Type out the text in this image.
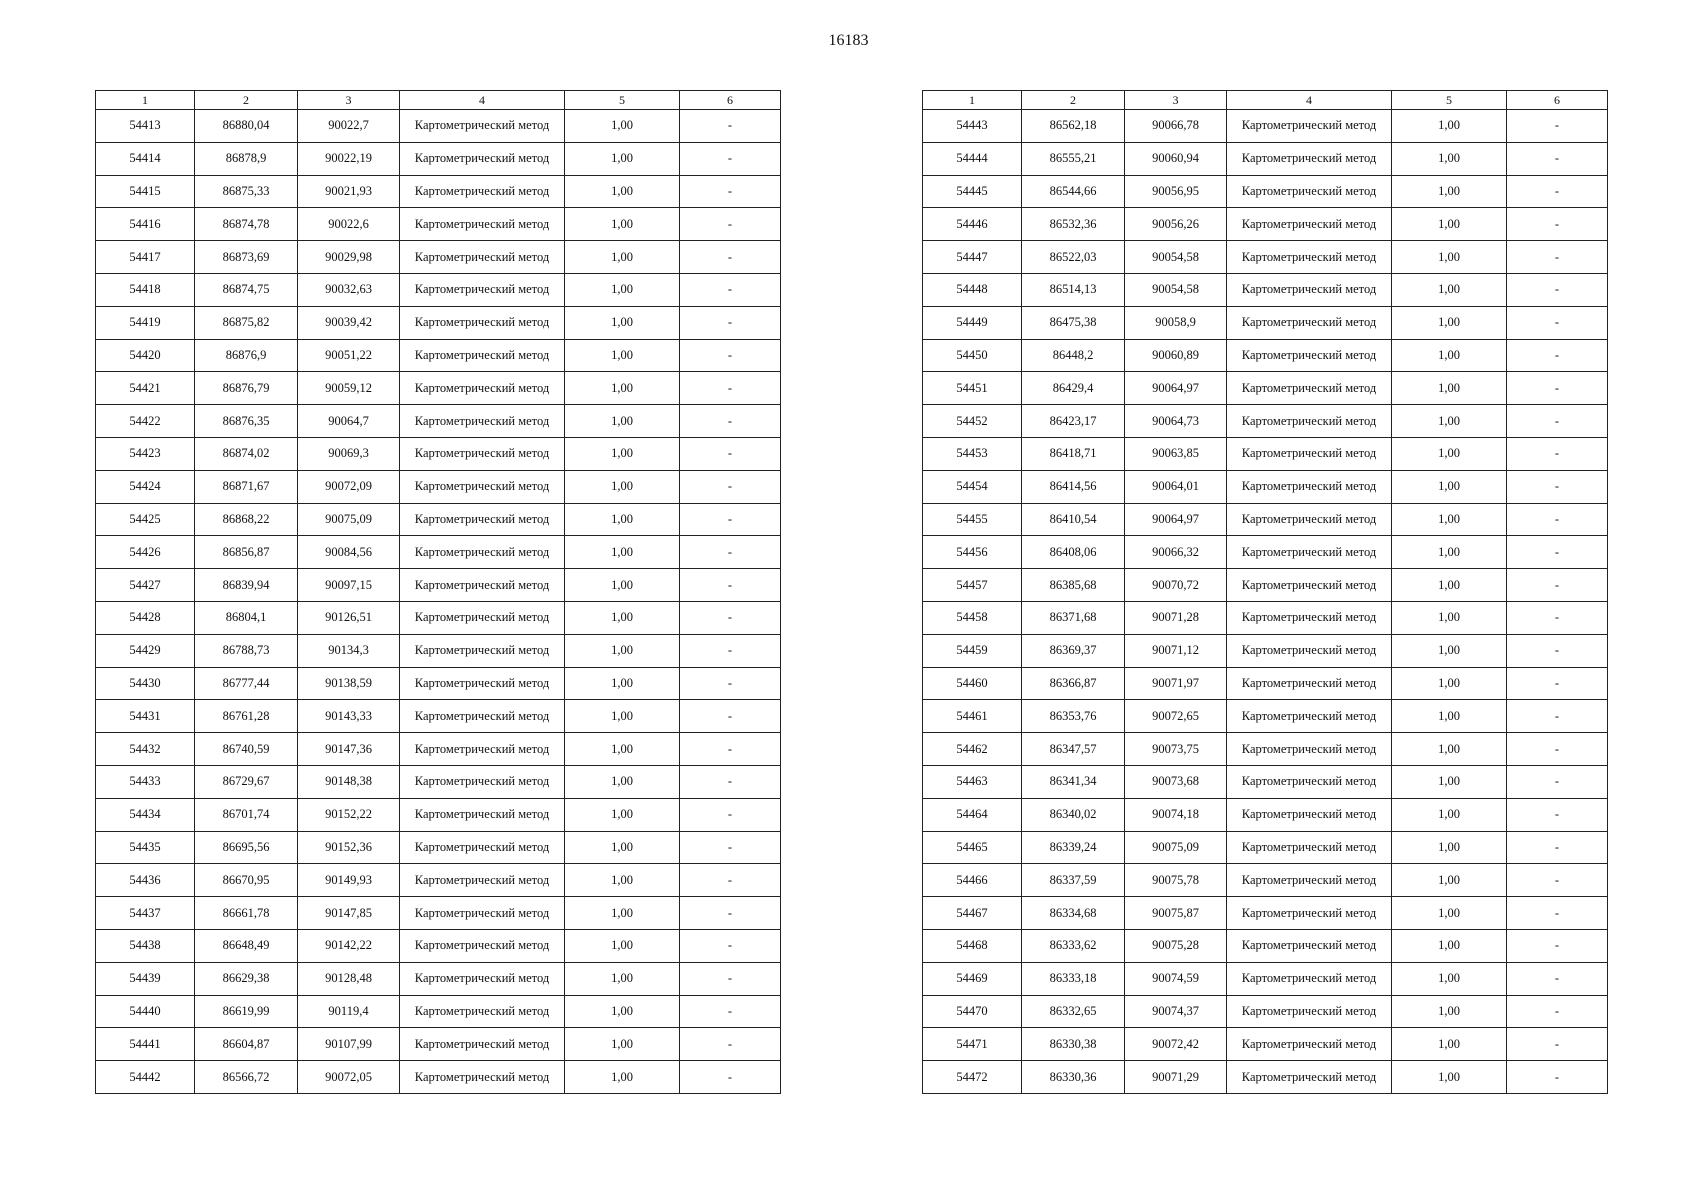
16183
1	2	3	4	5	6
54413	86880,04	90022,7	Картометрический метод	1,00	-
54414	86878,9	90022,19	Картометрический метод	1,00	-
54415	86875,33	90021,93	Картометрический метод	1,00	-
54416	86874,78	90022,6	Картометрический метод	1,00	-
54417	86873,69	90029,98	Картометрический метод	1,00	-
54418	86874,75	90032,63	Картометрический метод	1,00	-
54419	86875,82	90039,42	Картометрический метод	1,00	-
54420	86876,9	90051,22	Картометрический метод	1,00	-
54421	86876,79	90059,12	Картометрический метод	1,00	-
54422	86876,35	90064,7	Картометрический метод	1,00	-
54423	86874,02	90069,3	Картометрический метод	1,00	-
54424	86871,67	90072,09	Картометрический метод	1,00	-
54425	86868,22	90075,09	Картометрический метод	1,00	-
54426	86856,87	90084,56	Картометрический метод	1,00	-
54427	86839,94	90097,15	Картометрический метод	1,00	-
54428	86804,1	90126,51	Картометрический метод	1,00	-
54429	86788,73	90134,3	Картометрический метод	1,00	-
54430	86777,44	90138,59	Картометрический метод	1,00	-
54431	86761,28	90143,33	Картометрический метод	1,00	-
54432	86740,59	90147,36	Картометрический метод	1,00	-
54433	86729,67	90148,38	Картометрический метод	1,00	-
54434	86701,74	90152,22	Картометрический метод	1,00	-
54435	86695,56	90152,36	Картометрический метод	1,00	-
54436	86670,95	90149,93	Картометрический метод	1,00	-
54437	86661,78	90147,85	Картометрический метод	1,00	-
54438	86648,49	90142,22	Картометрический метод	1,00	-
54439	86629,38	90128,48	Картометрический метод	1,00	-
54440	86619,99	90119,4	Картометрический метод	1,00	-
54441	86604,87	90107,99	Картометрический метод	1,00	-
54442	86566,72	90072,05	Картометрический метод	1,00	-
1	2	3	4	5	6
54443	86562,18	90066,78	Картометрический метод	1,00	-
54444	86555,21	90060,94	Картометрический метод	1,00	-
54445	86544,66	90056,95	Картометрический метод	1,00	-
54446	86532,36	90056,26	Картометрический метод	1,00	-
54447	86522,03	90054,58	Картометрический метод	1,00	-
54448	86514,13	90054,58	Картометрический метод	1,00	-
54449	86475,38	90058,9	Картометрический метод	1,00	-
54450	86448,2	90060,89	Картометрический метод	1,00	-
54451	86429,4	90064,97	Картометрический метод	1,00	-
54452	86423,17	90064,73	Картометрический метод	1,00	-
54453	86418,71	90063,85	Картометрический метод	1,00	-
54454	86414,56	90064,01	Картометрический метод	1,00	-
54455	86410,54	90064,97	Картометрический метод	1,00	-
54456	86408,06	90066,32	Картометрический метод	1,00	-
54457	86385,68	90070,72	Картометрический метод	1,00	-
54458	86371,68	90071,28	Картометрический метод	1,00	-
54459	86369,37	90071,12	Картометрический метод	1,00	-
54460	86366,87	90071,97	Картометрический метод	1,00	-
54461	86353,76	90072,65	Картометрический метод	1,00	-
54462	86347,57	90073,75	Картометрический метод	1,00	-
54463	86341,34	90073,68	Картометрический метод	1,00	-
54464	86340,02	90074,18	Картометрический метод	1,00	-
54465	86339,24	90075,09	Картометрический метод	1,00	-
54466	86337,59	90075,78	Картометрический метод	1,00	-
54467	86334,68	90075,87	Картометрический метод	1,00	-
54468	86333,62	90075,28	Картометрический метод	1,00	-
54469	86333,18	90074,59	Картометрический метод	1,00	-
54470	86332,65	90074,37	Картометрический метод	1,00	-
54471	86330,38	90072,42	Картометрический метод	1,00	-
54472	86330,36	90071,29	Картометрический метод	1,00	-
